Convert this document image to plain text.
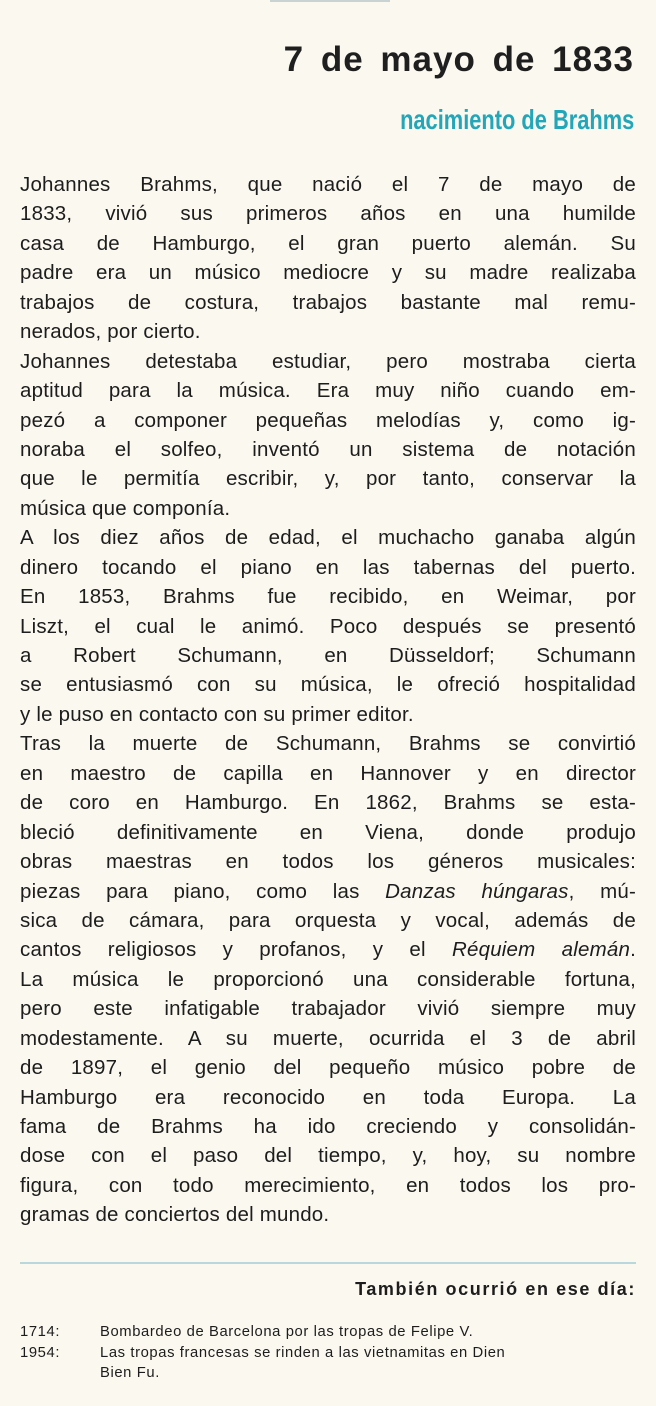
7 de mayo de 1833
nacimiento de Brahms
Johannes Brahms, que nació el 7 de mayo de
1833, vivió sus primeros años en una humilde
casa de Hamburgo, el gran puerto alemán. Su
padre era un músico mediocre y su madre realizaba
trabajos de costura, trabajos bastante mal remu-
nerados, por cierto.
Johannes detestaba estudiar, pero mostraba cierta
aptitud para la música. Era muy niño cuando em-
pezó a componer pequeñas melodías y, como ig-
noraba el solfeo, inventó un sistema de notación
que le permitía escribir, y, por tanto, conservar la
música que componía.
A los diez años de edad, el muchacho ganaba algún
dinero tocando el piano en las tabernas del puerto.
En 1853, Brahms fue recibido, en Weimar, por
Liszt, el cual le animó. Poco después se presentó
a Robert Schumann, en Düsseldorf; Schumann
se entusiasmó con su música, le ofreció hospitalidad
y le puso en contacto con su primer editor.
Tras la muerte de Schumann, Brahms se convirtió
en maestro de capilla en Hannover y en director
de coro en Hamburgo. En 1862, Brahms se esta-
bleció definitivamente en Viena, donde produjo
obras maestras en todos los géneros musicales:
piezas para piano, como las Danzas húngaras, mú-
sica de cámara, para orquesta y vocal, además de
cantos religiosos y profanos, y el Réquiem alemán.
La música le proporcionó una considerable fortuna,
pero este infatigable trabajador vivió siempre muy
modestamente. A su muerte, ocurrida el 3 de abril
de 1897, el genio del pequeño músico pobre de
Hamburgo era reconocido en toda Europa. La
fama de Brahms ha ido creciendo y consolidán-
dose con el paso del tiempo, y, hoy, su nombre
figura, con todo merecimiento, en todos los pro-
gramas de conciertos del mundo.
También ocurrió en ese día:
1714:	Bombardeo de Barcelona por las tropas de Felipe V.
1954:	Las tropas francesas se rinden a las vietnamitas en Dien
Bien Fu.
